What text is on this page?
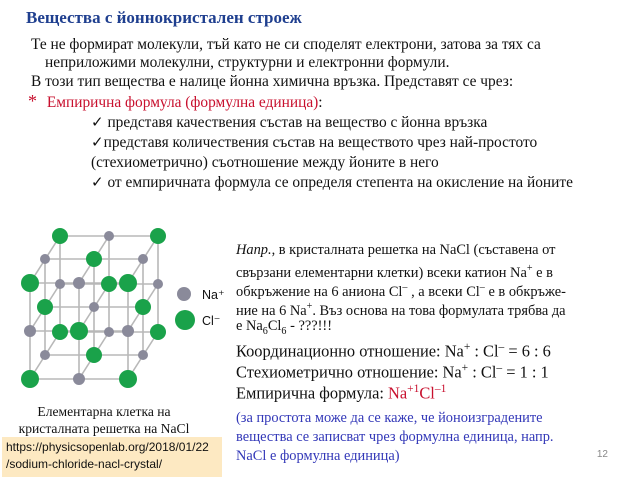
Вещества с йоннокристален строеж
Те не формират молекули, тъй като не си споделят електрони, затова за тях са
неприложими молекулни, структурни и електронни формули.
В този тип вещества е налице йонна химична връзка. Представят се чрез:
* Емпирична формула (формулна единица):
✓ представя качествения състав на вещество с йонна връзка
✓представя количествения състав на веществото чрез най-простото
(стехиометрично) съотношение между йоните в него
✓ от емпиричната формула се определя степента на окисление на йоните
Na⁺
Cl⁻
Елементарна клетка на
кристалната решетка на NaCl
https://physicsopenlab.org/2018/01/22
/sodium-chloride-nacl-crystal/
Напр., в кристалната решетка на NaCl (съставена от
свързани елементарни клетки) всеки катион Na+ е в
обкръжение на 6 аниона Cl– , а всеки Cl– е в обкръже-
ние на 6 Na+. Въз основа на това формулата трябва да
е $Na_6Cl_6$ - ???!!!
Координационно отношение: Na+ : Cl– = 6 : 6
Стехиометрично отношение: Na+ : Cl– = 1 : 1
Емпирична формула: $Na^{+1}Cl^{-1}$
(за простота може да се каже, че йоноизградените
вещества се записват чрез формулна единица, напр.
NaCl е формулна единица)	12
